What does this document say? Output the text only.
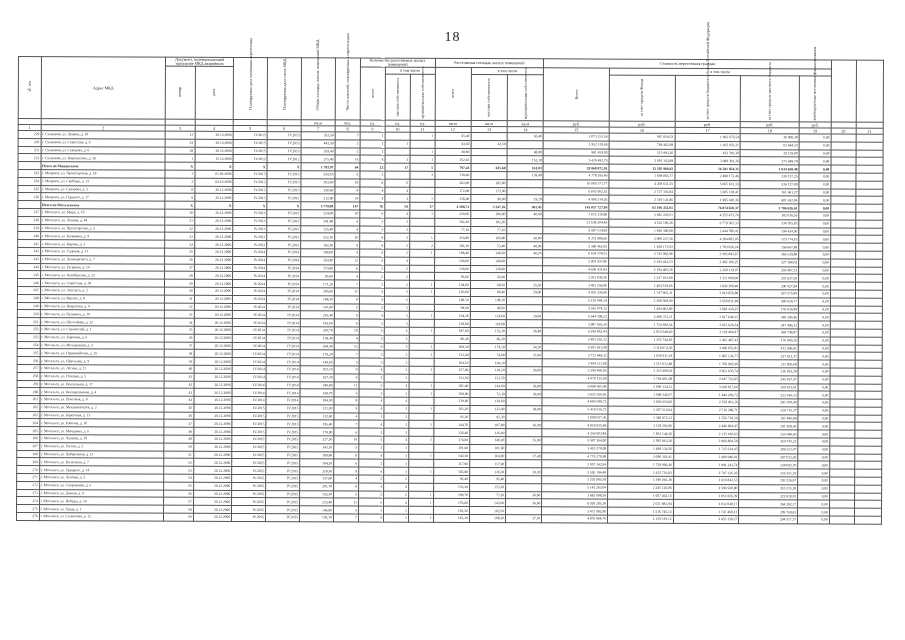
18
№ п/п	Адрес МКД	Документ, подтверждающий признание МКД аварийным		Планируемая дата окончания переселения	Планируемая дата сноса МКД	Общая площадь жилых помещений МКД	Число жителей, планируемых к переселению	Количество расселяемых жилых помещений			Расселяемая площадь жилых помещений			Стоимость переселения граждан						
		номер	дата					всего	в том числе		всего	в том числе		Всего	в том числе					
									частная собственность	муниципальная собственность		частная собственность	муниципальная собственность		за счет средств Фонда	за счет средств бюджета субъекта Российской Федерации	за счет средств местного бюджета	внебюджетные источники финансирования		
						кв.м	чел.	ед.	ед.	ед.	кв.м	кв.м	кв.м	руб.	руб.	руб.	руб.	руб.		
1	2	3	4	5	6	7	8	9	10	11	12	13	14	15	16	17	18	19	20	21
229	г. Сухиничи, ул. Ленина, д. 19	13	20.12.2006	IV.2015	IV.2015	353,50	7	1		1	65,40		65,40	2 073 251,54	867 059,53	1 962 676,54	30 000,38	0,00		
230	г. Сухиничи, ул. Советская, д. 9	22	20.12.2006	IV.2015	IV.2015	443,50	2	1	1		43,50	43,50		1 952 319,66	784 462,09	1 105 933,21	61 644,33	0,00		
231	г. Сухиничи, ул. Суворова, д. 6	28	20.12.2006	IV.2015	IV.2015	359,40	2	1		1	48,80		48,80	981 459,00	515 993,26	432 381,30	29 139,00	0,00		
232	г. Сухиничи, ул. Ворошилова, д. 26	1	15.12.2006	IV.2012	IV.2012	275,40	16	4	3	1	152,10		152,10	5 429 493,79	2 091 343,89	3 088 301,36	275 648,78	0,00		
	Итого по Мещовскому	X	X	X	X	1 793,97	64	22	17	5	797,43	635,60	161,83	29 868 872,81	12 202 960,02	16 581 854,31	1 034 658,48	0,00		
233	г. Мещовск, ул. Пролетарская, д. 18	1	01.06.2006	IV.2013	IV.2013	259,10	6	3		3	138,40		138,40	4 778 395,40	1 698 083,77	2 488 172,46	328 137,25	0,00		
234	г. Мещовск, ул. Свободы, д. 13	3	04.10.2006	IV.2013	IV.2013	393,00	18	6	6		262,00	262,00		10 060 371,77	4 458 631,55	5 065 612,33	536 127,89	0,00		
235	г. Мещовск, ул. Суворова, д. 5	8	26.12.2006	IV.2013	IV.2013	230,60	8	4	4		172,00	172,00		6 093 902,52	2 727 102,84	3 205 138,41	161 661,27	0,00		
236	г. Мещовск, ул. Горького, д. 17	9	26.12.2006	IV.2013	IV.2013	212,80	14	4	3	1	116,00	96,80	19,20	4 906 214,26	2 319 141,86	1 985 420,36	601 652,04	0,00		
	Итого по Мосальскому	X	X	X	X	5 779,00	147	76	59	17	4 208,71	3 247,26	961,45	143 057 727,99	63 196 451,01	76 074 650,37	3 786 626,61	0,00		
237	г. Мосальск, ул. Мира, д. 16	20	26.12.2006	IV.2013	IV.2013	224,00	10	5	4	1	220,60	180,60	40,00	7 672 318,80	3 042 229,51	4 255 472,74	382 016,55	0,00		
238	г. Мосальск, ул. Ленина, д. 44	21	26.12.2006	IV.2013	IV.2013	341,80	6	3	3		182,20	182,20		11 638 204,44	4 524 196,26	6 779 302,33	334 705,85	0,00		
239	г. Мосальск, ул. Пролетарская, д. 5	22	26.12.2006	IV.2013	IV.2013	125,40	4	3	3		77,10	77,10		4 587 514,99	1 948 300,08	2 444 780,41	194 434,50	0,00		
240	г. Мосальск, ул. Калинина, д. 9	23	26.12.2006	IV.2013	IV.2013	222,10	10	4	3	1	216,80	166,80	50,00	8 372 886,60	3 908 227,36	4 284 885,05	179 774,19	0,00		
241	г. Мосальск, ул. Кирова, д. 3	24	26.12.2006	IV.2013	IV.2013	192,30	8	4	2	2	102,30	53,40	48,90	3 380 462,05	1 438 173,93	1 783 620,24	158 667,88	0,00		
242	г. Мосальск, ул. Садовая, д. 11	25	26.12.2006	IV.2014	IV.2014	198,00	9	4	3	1	188,40	140,20	48,20	6 104 378,51	2 743 992,96	2 993 845,67	366 539,88	0,00		
243	г. Мосальск, ул. Луначарского, д. 7	26	26.12.2006	IV.2014	IV.2014	163,80	12	4	4		146,00	146,00		5 001 937,80	2 192 443,53	2 482 106,25	327 388,02	0,00		
244	г. Мосальск, ул. Гагарина, д. 14	27	26.12.2006	IV.2014	IV.2014	173,80	6	3	3		136,00	136,00		4 658 931,84	2 184 405,26	2 269 119,07	205 407,51	0,00		
245	г. Мосальск, ул. Октябрьская, д. 22	28	26.12.2006	IV.2014	IV.2014	95,00	4	2	2		95,00	95,00		2 951 830,30	1 237 103,80	1 511 099,00	203 627,50	0,00		
246	г. Мосальск, ул. Советская, д. 30	29	26.12.2006	IV.2014	IV.2014	171,20	7	3	2	1	104,00	68,50	35,50	3 491 256,90	1 464 519,66	1 826 309,40	200 427,84	0,00		
247	г. Мосальск, ул. Энгельса, д. 2	30	26.12.2006	IV.2014	IV.2014	205,60	11	4	3	1	120,00	80,40	39,60	4 035 336,00	1 747 903,31	2 019 856,80	267 575,89	0,00		
248	г. Мосальск, ул. Фрунзе, д. 8	31	26.12.2006	IV.2014	IV.2014	188,30	8	4	4		148,10	148,10		5 219 944,34	2 268 508,09	2 650 811,48	300 624,77	0,00		
249	г. Мосальск, ул. Некрасова, д. 4	32	26.12.2006	IV.2014	IV.2014	147,00	5	3	3		99,60	99,60		3 343 074,12	1 484 602,89	1 682 436,25	176 034,98	0,00		
250	г. Мосальск, ул. Пушкина, д. 19	33	26.12.2006	IV.2014	IV.2014	216,40	9	4	3	1	164,20	124,60	39,60	5 644 308,22	2 486 372,11	2 817 640,15	340 295,96	0,00		
251	г. Мосальск, ул. Шоссейная, д. 12	34	26.12.2006	IV.2014	IV.2014	182,00	6	3	3		118,80	118,80		3 987 505,20	1 724 380,54	2 015 628,34	247 496,32	0,00		
252	г. Мосальск, ул. Строителей, д. 1	35	26.12.2006	IV.2014	IV.2014	230,70	10	5	4	1	187,60	151,20	36,40	6 299 852,44	2 812 648,60	3 118 404,97	368 798,87	0,00		
253	г. Мосальск, ул. Заречная, д. 6	36	26.12.2006	IV.2014	IV.2014	138,40	4	2	2		86,20	86,20		2 893 292,32	1 255 744,63	1 461 487,43	176 060,26	0,00		
254	г. Мосальск, ул. Молодежная, д. 3	37	26.12.2006	IV.2014	IV.2014	264,90	12	6	5	1	208,30	174,10	34,20	6 991 623,98	3 118 074,36	3 460 852,81	412 696,81	0,00		
255	г. Мосальск, ул. Первомайская, д. 15	38	26.12.2006	IV.2014	IV.2014	176,20	7	3	2	1	112,40	74,80	37,60	3 772 648,32	1 639 911,18	1 905 124,77	227 612,37	0,00		
256	г. Мосальск, ул. Школьная, д. 9	39	26.12.2006	IV.2014	IV.2014	149,60	5	3	3		104,10	104,10		3 494 121,06	1 515 612,48	1 766 902,90	211 605,68	0,00		
257	г. Мосальск, ул. Лесная, д. 21	40	26.12.2006	IV.2014	IV.2014	203,10	9	4	3	1	157,80	118,20	39,60	5 296 496,04	2 319 408,02	2 661 035,74	316 052,28	0,00		
258	г. Мосальск, ул. Полевая, д. 5	41	26.12.2006	IV.2014	IV.2014	167,30	6	3	3		121,50	121,50		4 078 135,90	1 784 961,08	2 047 716,85	245 457,97	0,00		
259	г. Мосальск, ул. Вокзальная, д. 17	42	26.12.2006	IV.2014	IV.2014	240,80	11	5	4	1	181,40	144,60	36,80	6 088 565,48	2 690 134,21	3 038 817,66	359 613,61	0,00		
260	г. Мосальск, ул. Кооперативная, д. 4	43	26.12.2006	IV.2014	IV.2014	158,70	5	3	2	1	108,90	72,30	36,60	3 655 166,82	1 588 540,57	1 844 209,72	222 416,53	0,00		
261	г. Мосальск, ул. Почтовая, д. 8	44	26.12.2006	IV.2014	IV.2014	184,50	8	4	4		139,60	139,60		4 685 648,72	2 045 016,66	2 358 961,16	281 670,90	0,00		
262	г. Мосальск, ул. Механизаторов, д. 2	45	26.12.2006	IV.2015	IV.2015	211,00	9	4	3	1	161,20	122,40	38,80	5 410 616,72	2 367 512,64	2 716 388,71	326 715,37	0,00		
263	г. Мосальск, ул. Береговая, д. 13	46	26.12.2006	IV.2015	IV.2015	132,60	4	2	2		92,30	92,30		3 098 037,36	1 349 872,12	1 556 718,36	191 446,88	0,00		
264	г. Мосальск, ул. Рабочая, д. 10	47	26.12.2006	IV.2015	IV.2015	195,40	7	4	3	1	144,70	107,80	36,90	4 856 825,69	2 118 392,80	2 446 604,47	291 828,42	0,00		
265	г. Мосальск, ул. Мичурина, д. 6	48	26.12.2006	IV.2015	IV.2015	178,90	6	3	3		126,40	126,40		4 242 603,84	1 852 144,56	2 135 410,63	255 048,65	0,00		
266	г. Мосальск, ул. Чапаева, д. 18	49	26.12.2006	IV.2015	IV.2015	227,30	10	5	4	1	176,00	140,20	35,80	5 907 364,00	2 585 816,20	2 966 804,58	354 743,22	0,00		
267	г. Мосальск, ул. Гоголя, д. 3	50	26.12.2006	IV.2015	IV.2015	143,10	5	3	3		101,60	101,60		3 410 270,08	1 488 134,56	1 715 614,45	206 521,07	0,00		
268	г. Мосальск, ул. Набережная, д. 11	51	26.12.2006	IV.2015	IV.2015	189,80	8	4	3	1	142,30	104,90	37,40	4 776 270,68	2 088 318,41	2 400 940,01	287 012,26	0,00		
269	г. Мосальск, ул. Колхозная, д. 7	52	26.12.2006	IV.2015	IV.2015	164,20	6	3	3		117,90	117,90		3 957 342,84	1 728 006,40	1 991 243,74	238 092,70	0,00		
270	г. Мосальск, ул. Урицкого, д. 14	53	26.12.2006	IV.2015	IV.2015	218,50	9	4	3	1	165,80	126,50	39,30	5 565 194,48	2 432 716,83	2 797 126,26	335 351,39	0,00		
271	г. Мосальск, ул. Луговая, д. 2	54	26.12.2006	IV.2015	IV.2015	137,60	4	2	2		95,40	95,40		3 202 085,58	1 398 016,38	1 610 842,53	193 226,67	0,00		
272	г. Мосальск, ул. Спортивная, д. 5	55	26.12.2006	IV.2015	IV.2015	201,70	8	4	4		153,20	153,20		5 142 263,04	2 245 126,86	2 586 920,80	310 215,38	0,00		
273	г. Мосальск, ул. Дачная, д. 9	56	26.12.2006	IV.2015	IV.2015	155,30	5	3	2	1	109,70	73,10	36,60	3 682 098,58	1 607 462,16	1 851 826,39	222 810,03	0,00		
274	г. Мосальск, ул. Победы, д. 16	57	26.12.2006	IV.2015	IV.2015	233,40	11	5	4	1	179,60	143,00	36,60	6 028 205,28	2 631 882,94	3 032 040,17	364 282,17	0,00		
275	г. Мосальск, ул. Труда, д. 1	58	26.12.2006	IV.2015	IV.2015	146,80	5	3	3		103,50	103,50		3 473 982,90	1 516 745,14	1 747 468,13	209 769,63	0,00		
276	г. Мосальск, ул. Солнечная, д. 12	59	26.12.2006	IV.2015	IV.2015	192,10	7	4	3	1	145,30	108,20	37,10	4 876 964,76	2 129 319,12	2 453 128,27	294 517,37	0,00		
